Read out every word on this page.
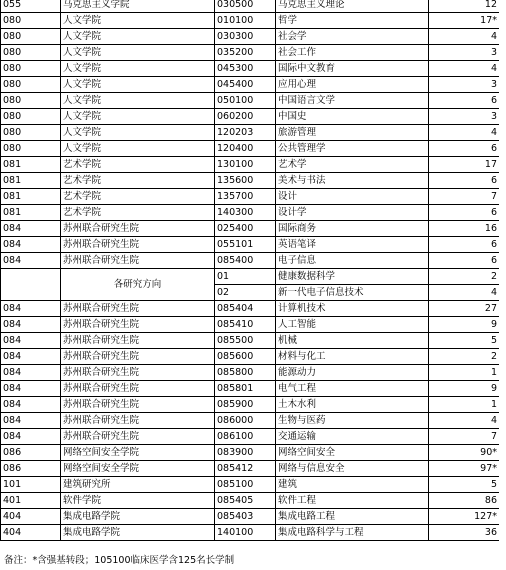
055	马克思主义学院	030500	马克思主义理论	12
080	人文学院	010100	哲学	17*
080	人文学院	030300	社会学	4
080	人文学院	035200	社会工作	3
080	人文学院	045300	国际中文教育	4
080	人文学院	045400	应用心理	3
080	人文学院	050100	中国语言文学	6
080	人文学院	060200	中国史	3
080	人文学院	120203	旅游管理	4
080	人文学院	120400	公共管理学	6
081	艺术学院	130100	艺术学	17
081	艺术学院	135600	美术与书法	6
081	艺术学院	135700	设计	7
081	艺术学院	140300	设计学	6
084	苏州联合研究生院	025400	国际商务	16
084	苏州联合研究生院	055101	英语笔译	6
084	苏州联合研究生院	085400	电子信息	6
	各研究方向	01	健康数据科学	2
		02	新一代电子信息技术	4
084	苏州联合研究生院	085404	计算机技术	27
084	苏州联合研究生院	085410	人工智能	9
084	苏州联合研究生院	085500	机械	5
084	苏州联合研究生院	085600	材料与化工	2
084	苏州联合研究生院	085800	能源动力	1
084	苏州联合研究生院	085801	电气工程	9
084	苏州联合研究生院	085900	土木水利	1
084	苏州联合研究生院	086000	生物与医药	4
084	苏州联合研究生院	086100	交通运输	7
086	网络空间安全学院	083900	网络空间安全	90*
086	网络空间安全学院	085412	网络与信息安全	97*
101	建筑研究所	085100	建筑	5
401	软件学院	085405	软件工程	86
404	集成电路学院	085403	集成电路工程	127*
404	集成电路学院	140100	集成电路科学与工程	36
备注：*含强基转段；105100临床医学含125名长学制
